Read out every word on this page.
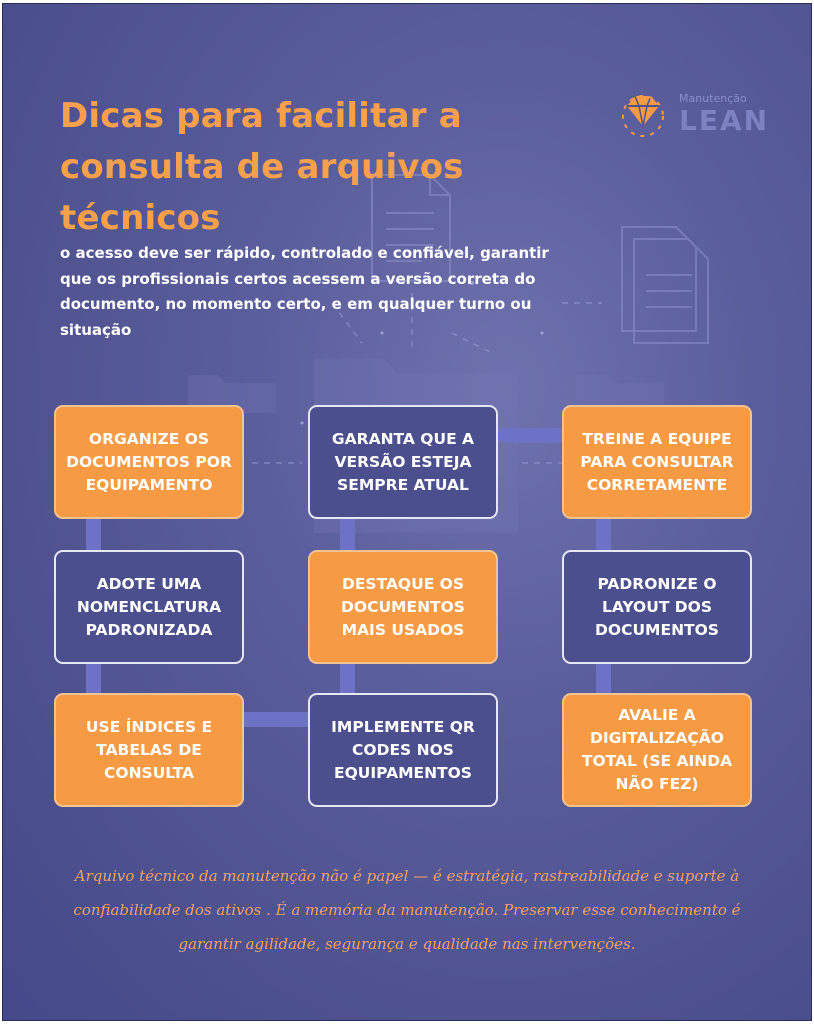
Manutenção
LEAN
Dicas para facilitar a consulta de arquivos técnicos

o acesso deve ser rápido, controlado e confiável, garantir que os profissionais certos acessem a versão correta do documento, no momento certo, e em qualquer turno ou situação

ORGANIZE OS DOCUMENTOS POR EQUIPAMENTO
GARANTA QUE A VERSÃO ESTEJA SEMPRE ATUAL
TREINE A EQUIPE PARA CONSULTAR CORRETAMENTE
ADOTE UMA NOMENCLATURA PADRONIZADA
DESTAQUE OS DOCUMENTOS MAIS USADOS
PADRONIZE O LAYOUT DOS DOCUMENTOS
USE ÍNDICES E TABELAS DE CONSULTA
IMPLEMENTE QR CODES NOS EQUIPAMENTOS
AVALIE A DIGITALIZAÇÃO TOTAL (SE AINDA NÃO FEZ)

Arquivo técnico da manutenção não é papel — é estratégia, rastreabilidade e suporte à confiabilidade dos ativos . É a memória da manutenção. Preservar esse conhecimento é garantir agilidade, segurança e qualidade nas intervenções.
